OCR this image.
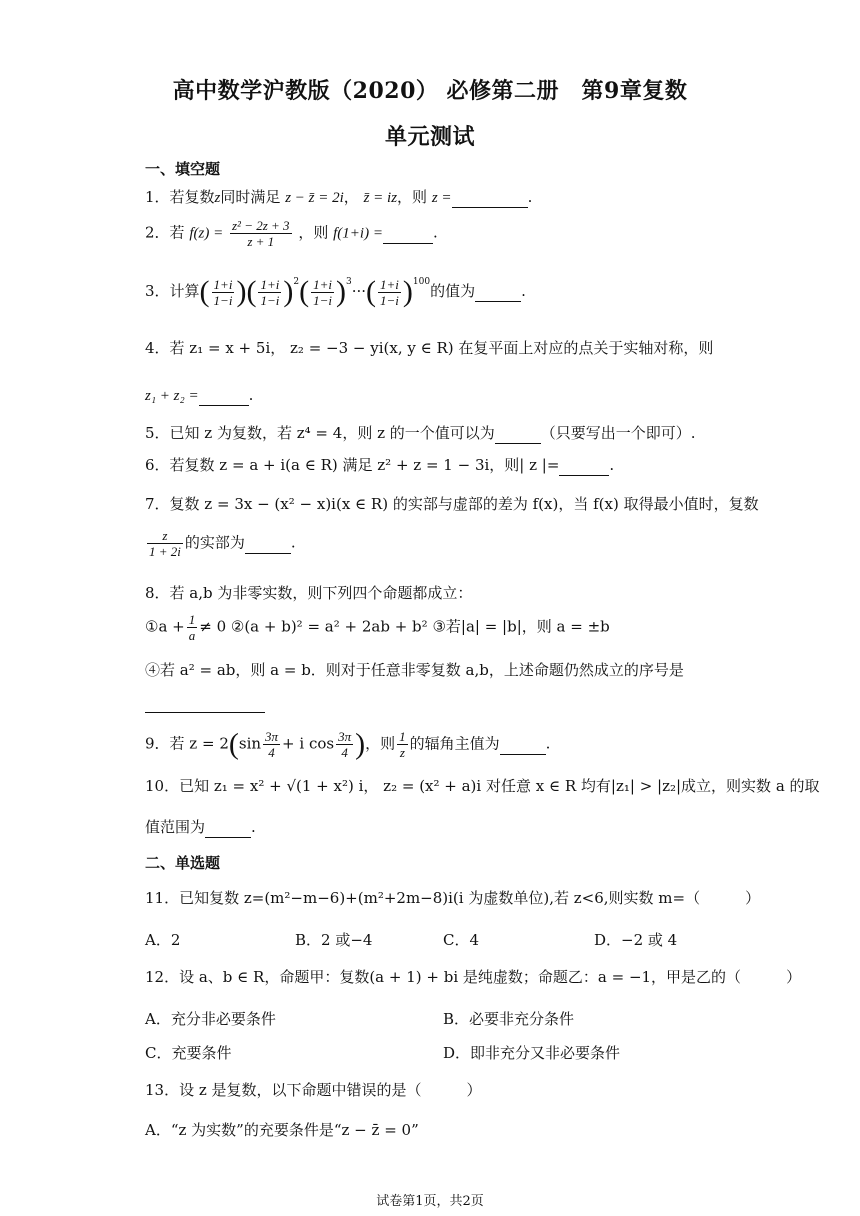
高中数学沪教版（2020） 必修第二册　第9章复数
单元测试
一、填空题
1．若复数z同时满足 z − z̄ = 2i， z̄ = iz，则 z =	.
2．若 $f(z) = \frac{\text{z² − 2z + 3}}{z + 1}$ ，则 f(1+i) =	.
3．计算( $\frac{1+i}{1-i}$ )( $\frac{1+i}{1-i} )^2( \frac{1+i}{1-i} )^3\cdot\cdot\cdot( \frac{1+i}{1-i} )^{100}$的值为	.
4．若 z₁ = x + 5i， z₂ = −3 − yi(x, y ∈ R) 在复平面上对应的点关于实轴对称，则
z₁ + z₂ =	.
5．已知 z 为复数，若 z⁴ = 4，则 z 的一个值可以为	（只要写出一个即可）.
6．若复数 z = a + i(a ∈ R) 满足 z² + z = 1 − 3i，则| z |=	.
7．复数 z = 3x − (x² − x)i(x ∈ R) 的实部与虚部的差为 f(x)，当 f(x) 取得最小值时，复数
$\frac{z}{1 + 2i}$ 的实部为	.
8．若 a,b 为非零实数，则下列四个命题都成立：
①a + $\frac{1}{a} \ne 0$ ②(a + b)² = a² + 2ab + b² ③若|a| = |b|，则 a = ±b
④若 a² = ab，则 a = b．则对于任意非零复数 a,b，上述命题仍然成立的序号是

9．若 $z = 2(\sin \frac{3\pi}{4} + i$ $\cos \frac{3\pi}{4}$ )，则 $\frac{1}{z}$ 的辐角主值为	.
10．已知 z₁ = x² + √(1 + x²) i， z₂ = (x² + a)i 对任意 x ∈ R 均有|z₁| > |z₂|成立，则实数 a 的取
值范围为	.
二、单选题
11．已知复数 z=(m²−m−6)+(m²+2m−8)i(i 为虚数单位),若 z<6,则实数 m=（　　　）
A．2	B．2 或−4	C．4	D．−2 或 4
12．设 a、b ∈ R，命题甲：复数(a + 1) + bi 是纯虚数；命题乙：a = −1，甲是乙的（　　　）
A．充分非必要条件	B．必要非充分条件
C．充要条件	D．即非充分又非必要条件
13．设 z 是复数，以下命题中错误的是（　　　）
A．“z 为实数”的充要条件是“z − z̄ = 0”
试卷第1页，共2页
